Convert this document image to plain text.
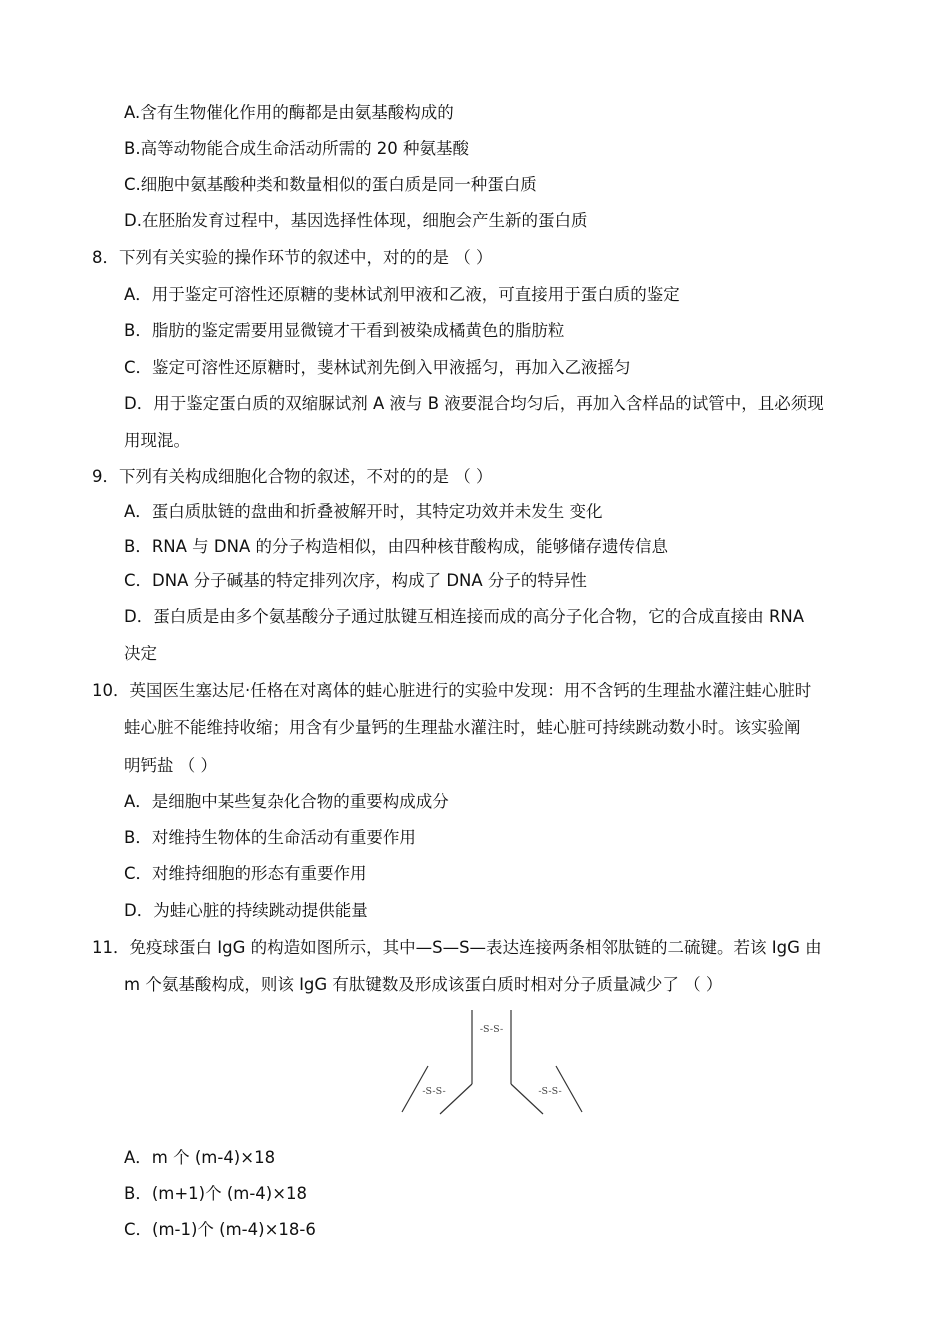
A.含有生物催化作用的酶都是由氨基酸构成的
B.高等动物能合成生命活动所需的 20 种氨基酸
C.细胞中氨基酸种类和数量相似的蛋白质是同一种蛋白质
D.在胚胎发育过程中，基因选择性体现，细胞会产生新的蛋白质
8．下列有关实验的操作环节的叙述中，对的的是 （ ）
A．用于鉴定可溶性还原糖的斐林试剂甲液和乙液，可直接用于蛋白质的鉴定
B．脂肪的鉴定需要用显微镜才干看到被染成橘黄色的脂肪粒
C．鉴定可溶性还原糖时，斐林试剂先倒入甲液摇匀，再加入乙液摇匀
D．用于鉴定蛋白质的双缩脲试剂 A 液与 B 液要混合均匀后，再加入含样品的试管中，且必须现
用现混。
9．下列有关构成细胞化合物的叙述，不对的的是 （ ）
A．蛋白质肽链的盘曲和折叠被解开时，其特定功效并未发生 变化
B．RNA 与 DNA 的分子构造相似，由四种核苷酸构成，能够储存遗传信息
C．DNA 分子碱基的特定排列次序，构成了 DNA 分子的特异性
D．蛋白质是由多个氨基酸分子通过肽键互相连接而成的高分子化合物，它的合成直接由 RNA
决定
10．英国医生塞达尼·任格在对离体的蛙心脏进行的实验中发现：用不含钙的生理盐水灌注蛙心脏时
蛙心脏不能维持收缩；用含有少量钙的生理盐水灌注时，蛙心脏可持续跳动数小时。该实验阐
明钙盐 （ ）
A．是细胞中某些复杂化合物的重要构成成分
B．对维持生物体的生命活动有重要作用
C．对维持细胞的形态有重要作用
D．为蛙心脏的持续跳动提供能量
11．免疫球蛋白 IgG 的构造如图所示，其中—S—S—表达连接两条相邻肽链的二硫键。若该 IgG 由
m 个氨基酸构成，则该 IgG 有肽键数及形成该蛋白质时相对分子质量减少了 （ ）
-S-S-
-S-S-	-S-S-
A．m 个 (m-4)×18
B．(m+1)个 (m-4)×18
C．(m-1)个 (m-4)×18-6
